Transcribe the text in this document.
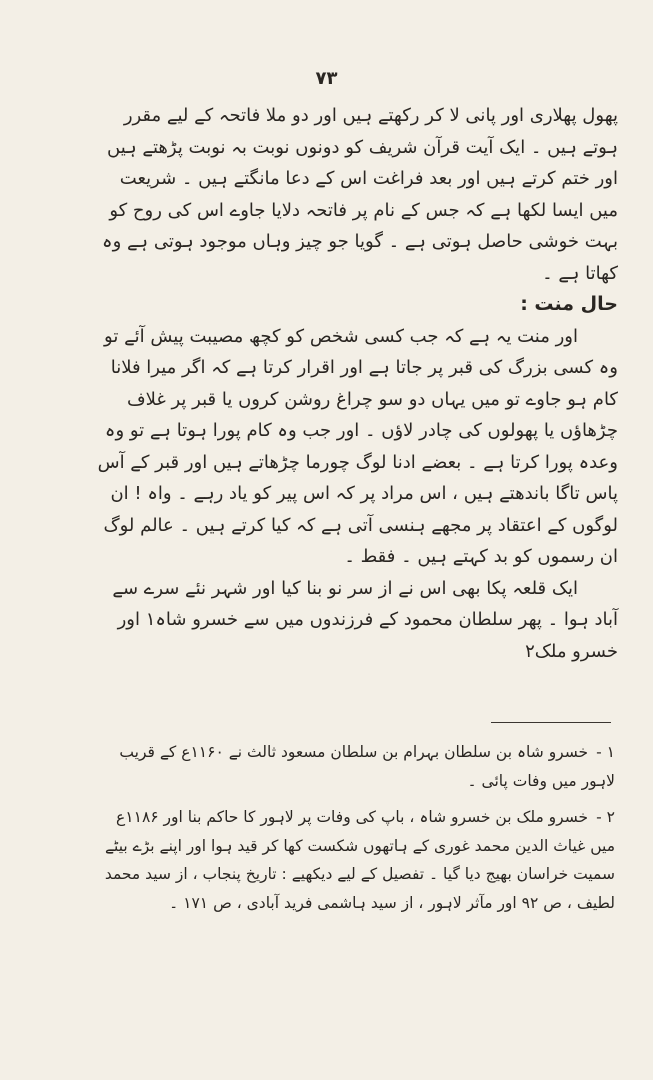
۷۳

پھول پھلاری اور پانی لا کر رکھتے ہیں اور دو ملا فاتحہ کے لیے مقرر ہوتے ہیں ۔ ایک آیت قرآن شریف کو دونوں نوبت بہ نوبت پڑھتے ہیں اور ختم کرتے ہیں اور بعد فراغت اس کے دعا مانگتے ہیں ۔ شریعت میں ایسا لکھا ہے کہ جس کے نام پر فاتحہ دلایا جاوے اس کی روح کو بہت خوشی حاصل ہوتی ہے ۔ گویا جو چیز وہاں موجود ہوتی ہے وہ کھاتا ہے ۔

حال منت :

اور منت یہ ہے کہ جب کسی شخص کو کچھ مصیبت پیش آئے تو وہ کسی بزرگ کی قبر پر جاتا ہے اور اقرار کرتا ہے کہ اگر میرا فلانا کام ہو جاوے تو میں یہاں دو سو چراغ روشن کروں یا قبر پر غلاف چڑھاؤں یا پھولوں کی چادر لاؤں ۔ اور جب وہ کام پورا ہوتا ہے تو وہ وعدہ پورا کرتا ہے ۔ بعضے ادنا لوگ چورما چڑھاتے ہیں اور قبر کے آس پاس تاگا باندھتے ہیں ، اس مراد پر کہ اس پیر کو یاد رہے ۔ واہ ! ان لوگوں کے اعتقاد پر مجھے ہنسی آتی ہے کہ کیا کرتے ہیں ۔ عالم لوگ ان رسموں کو بد کہتے ہیں ۔ فقط ۔

ایک قلعہ پکا بھی اس نے از سر نو بنا کیا اور شہر نئے سرے سے آباد ہوا ۔ پھر سلطان محمود کے فرزندوں میں سے خسرو شاہ۱ اور خسرو ملک۲

۱ -خسرو شاہ بن سلطان بہرام بن سلطان مسعود ثالث نے ۱۱۶۰ع کے قریب لاہور میں وفات پائی ۔

۲ -خسرو ملک بن خسرو شاہ ، باپ کی وفات پر لاہور کا حاکم بنا اور ۱۱۸۶ع میں غیاث الدین محمد غوری کے ہاتھوں شکست کھا کر قید ہوا اور اپنے بڑے بیٹے سمیت خراسان بھیج دیا گیا ۔ تفصیل کے لیے دیکھیے : تاریخ پنجاب ، از سید محمد لطیف ، ص ۹۲ اور مآثر لاہور ، از سید ہاشمی فرید آبادی ، ص ۱۷۱ ۔
